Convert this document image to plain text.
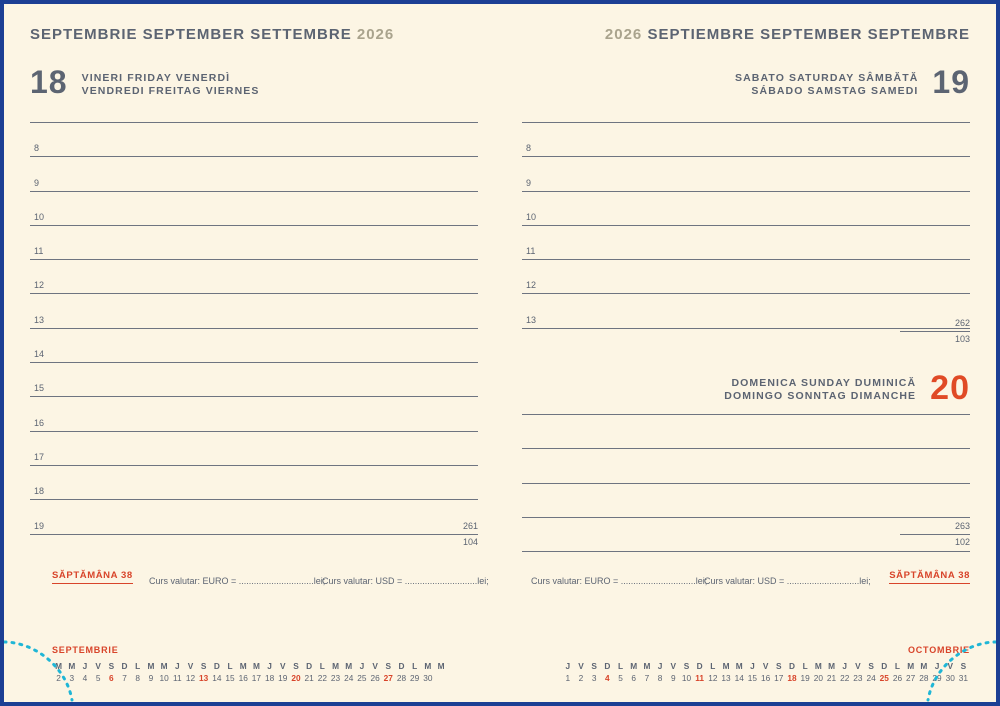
SEPTEMBRIE SEPTEMBER SETTEMBRE 2026	2026 SEPTIEMBRE SEPTEMBER SEPTEMBRE
18 VINERI FRIDAY VENERDÌ
VENDREDI FREITAG VIERNES
SABATO SATURDAY SÂMBĂTĂ
SÁBADO SAMSTAG SAMEDI 19
DOMENICA SUNDAY DUMINICĂ
DOMINGO SONNTAG DIMANCHE 20
8
9
10
11
12
13
14
15
16
17
18
19	261
104
8
9
10
11
12
13	262
103
263
102
SĂPTĂMÂNA 38	SĂPTĂMÂNA 38
Curs valutar: EURO = ..............................lei;
Curs valutar: USD = .............................lei;	Curs valutar: EURO = ..............................lei;
Curs valutar: USD = .............................lei;
SEPTEMBRIE
M	M	J	V	S	D	L	M	M	J	V	S	D	L	M	M	J	V	S	D	L	M	M	J	V	S	D	L	M	M
2	3	4	5	6	7	8	9	10	11	12	13	14	15	16	17	18	19	20	21	22	23	24	25	26	27	28	29	30	
OCTOMBRIE
J	V	S	D	L	M	M	J	V	S	D	L	M	M	J	V	S	D	L	M	M	J	V	S	D	L	M	M	J	V	S
1	2	3	4	5	6	7	8	9	10	11	12	13	14	15	16	17	18	19	20	21	22	23	24	25	26	27	28	29	30	31
